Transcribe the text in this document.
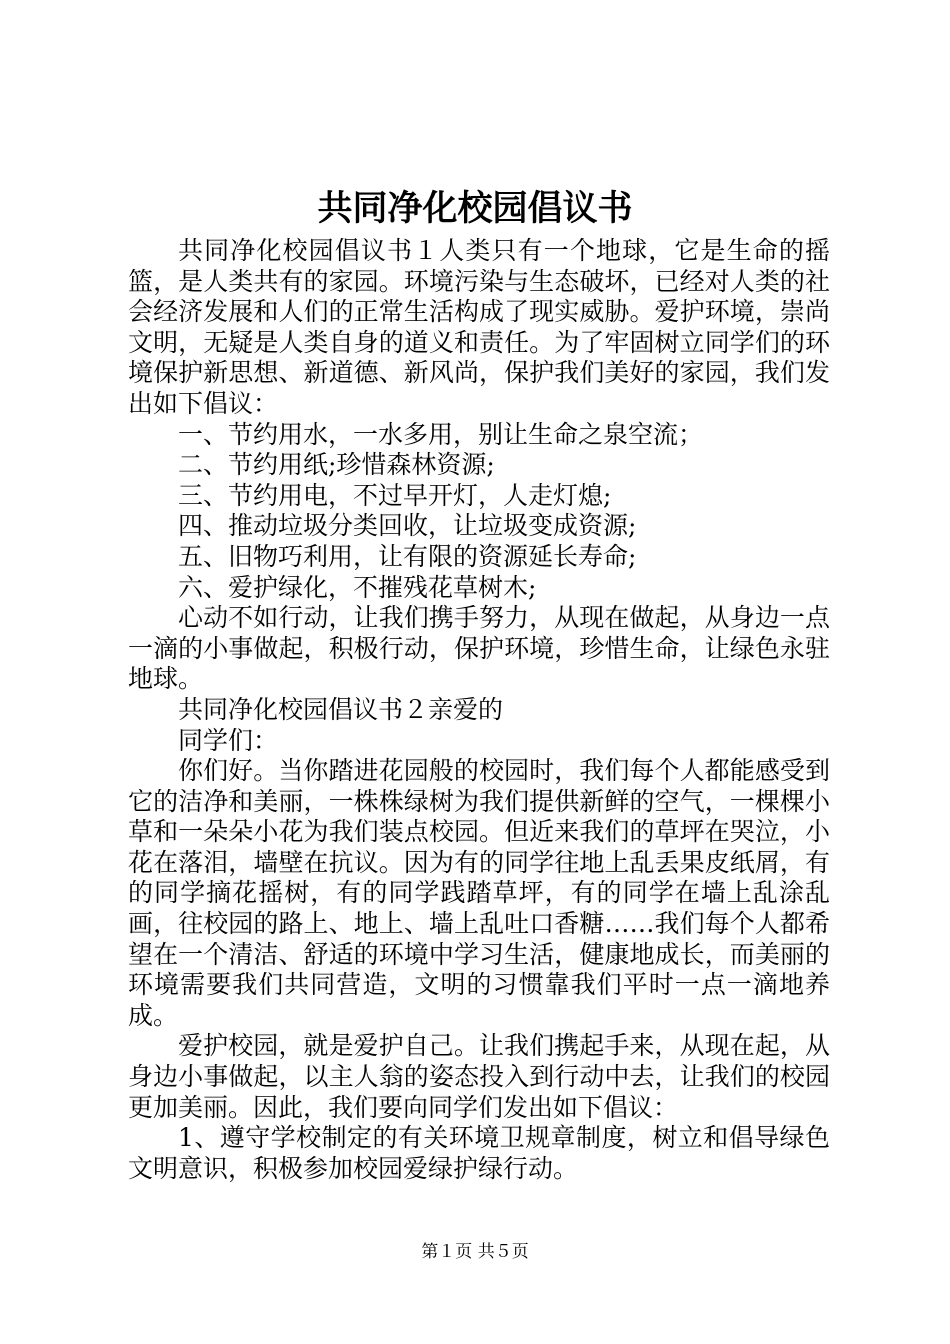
共同净化校园倡议书

共同净化校园倡议书１人类只有一个地球，它是生命的摇篮，是人类共有的家园。环境污染与生态破坏，已经对人类的社会经济发展和人们的正常生活构成了现实威胁。爱护环境，崇尚文明，无疑是人类自身的道义和责任。为了牢固树立同学们的环境保护新思想、新道德、新风尚，保护我们美好的家园，我们发出如下倡议：

一、节约用水，一水多用，别让生命之泉空流；

二、节约用纸;珍惜森林资源;

三、节约用电，不过早开灯，人走灯熄;

四、推动垃圾分类回收，让垃圾变成资源;

五、旧物巧利用，让有限的资源延长寿命;

六、爱护绿化，不摧残花草树木;

心动不如行动，让我们携手努力，从现在做起，从身边一点一滴的小事做起，积极行动，保护环境，珍惜生命，让绿色永驻地球。

共同净化校园倡议书２亲爱的

同学们：

你们好。当你踏进花园般的校园时，我们每个人都能感受到它的洁净和美丽，一株株绿树为我们提供新鲜的空气，一棵棵小草和一朵朵小花为我们装点校园。但近来我们的草坪在哭泣，小花在落泪，墙壁在抗议。因为有的同学往地上乱丢果皮纸屑，有的同学摘花摇树，有的同学践踏草坪，有的同学在墙上乱涂乱画，往校园的路上、地上、墙上乱吐口香糖……我们每个人都希望在一个清洁、舒适的环境中学习生活，健康地成长，而美丽的环境需要我们共同营造，文明的习惯靠我们平时一点一滴地养成。

爱护校园，就是爱护自己。让我们携起手来，从现在起，从身边小事做起，以主人翁的姿态投入到行动中去，让我们的校园更加美丽。因此，我们要向同学们发出如下倡议：

1、遵守学校制定的有关环境卫规章制度，树立和倡导绿色文明意识，积极参加校园爱绿护绿行动。

第１页 共５页
